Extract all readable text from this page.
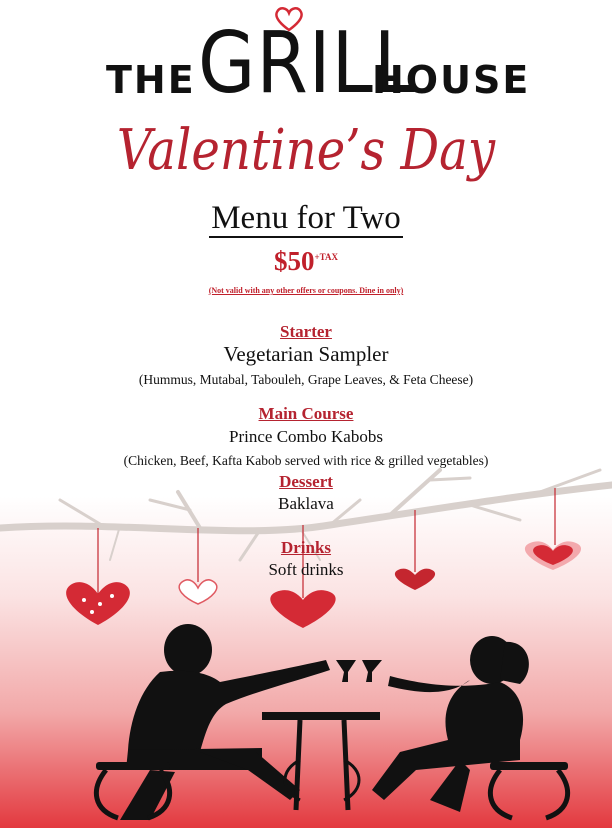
THE GRILL
HOUSE
Valentine’s Day
Menu for Two
$\$50^{+TAX}$
(Not valid with any other offers or coupons. Dine in only)
Starter
Vegetarian Sampler
(Hummus, Mutabal, Tabouleh, Grape Leaves, & Feta Cheese)
Main Course
Prince Combo Kabobs
(Chicken, Beef, Kafta Kabob served with rice & grilled vegetables)
Dessert
Baklava
Drinks
Soft drinks
